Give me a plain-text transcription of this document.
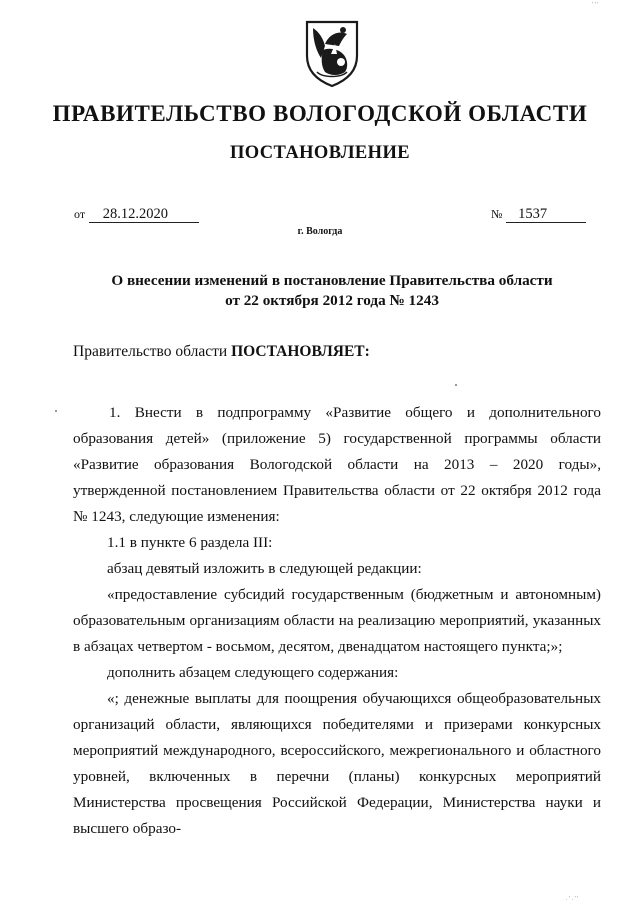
ПРАВИТЕЛЬСТВО ВОЛОГОДСКОЙ ОБЛАСТИ
ПОСТАНОВЛЕНИЕ
от 28.12.2020	№ 1537
г. Вологда
О внесении изменений в постановление Правительства области
от 22 октября 2012 года № 1243
Правительство области ПОСТАНОВЛЯЕТ:

1. Внести в подпрограмму «Развитие общего и дополнительного образования детей» (приложение 5) государственной программы области «Развитие образования Вологодской области на 2013 – 2020 годы», утвержденной постановлением Правительства области от 22 октября 2012 года № 1243, следующие изменения:

1.1 в пункте 6 раздела III:

абзац девятый изложить в следующей редакции:

«предоставление субсидий государственным (бюджетным и автономным) образовательным организациям области на реализацию мероприятий, указанных в абзацах четвертом - восьмом, десятом, двенадцатом настоящего пункта;»;

дополнить абзацем следующего содержания:

«; денежные выплаты для поощрения обучающихся общеобразовательных организаций области, являющихся победителями и призерами конкурсных мероприятий международного, всероссийского, межрегионального и областного уровней, включенных в перечни (планы) конкурсных мероприятий Министерства просвещения Российской Федерации, Министерства науки и высшего образо-

' ' '
. ' . ' '
